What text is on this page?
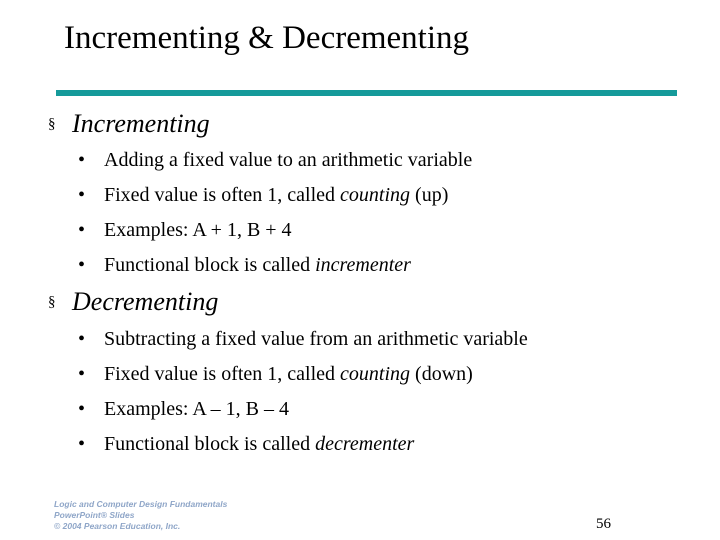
Incrementing & Decrementing
§ Incrementing
• Adding a fixed value to an arithmetic variable
• Fixed value is often 1, called counting (up)
• Examples: A + 1, B + 4
• Functional block is called incrementer
§ Decrementing
• Subtracting a fixed value from an arithmetic variable
• Fixed value is often 1, called counting (down)
• Examples: A – 1, B – 4
• Functional block is called decrementer
Logic and Computer Design Fundamentals
PowerPoint® Slides
© 2004 Pearson Education, Inc.	56
